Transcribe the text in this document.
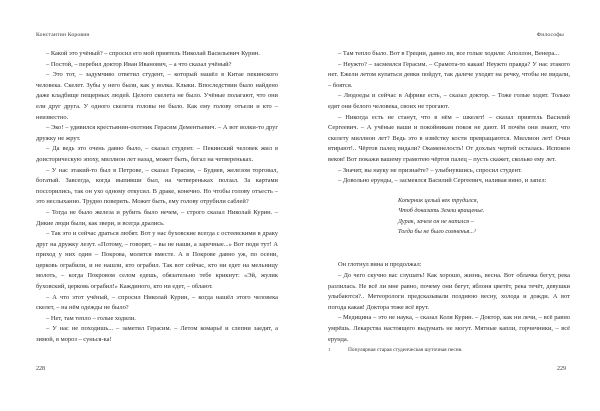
Константин Коровин

– Какой это учёный? – спросил его мой приятель Николай Васильевич Курин.

– Постой, – перебил доктор Иван Иванович, – а что сказал учёный?

– Это тот, – задумчиво ответил студент, – который нашёл в Китае пекинского человека. Скелет. Зубы у него были, как у волка. Клыки. Впоследствии было найдено даже кладбище пещерных людей. Целого скелета не было. Учёные полагают, что они ели друг друга. У одного скелета головы не было. Как ему голову отъели и кто – неизвестно.

– Эко! – удивился крестьянин-охотник Герасим Дементьевич. – А вот волки-то друг дружку не жрут.

– Да ведь это очень давно было, – сказал студент. – Пекинский человек жил в доисторическую эпоху, миллион лет назад, может быть, бегал на четвереньках.

– У нас этакий-то был в Петрове, – сказал Герасим, – Будиев, железом торговал, богатый. Завсегда, когда выпивши был, на четвереньках ползал. За картами поссорились, так он ухо одному откусил. В драке, конечно. Но чтобы голову отъесть – это неслыханно. Трудно поверить. Может быть, ему голову отрубили саблей?

– Тогда не было железа и рубить было нечем, – строго сказал Николай Курин. – Дикие люди были, как звери, и всегда дрались.

– Так это и сейчас драться любят. Вот у нас буховские всегда с остеевскими в драку друг на дружку лезут. «Потому, – говорят, – вы не наши, а заречные...» Вот поди тут! А приход у них один – Покрова, молятся вместе. А в Покрове давно уж, по осени, церковь ограбили, и не нашли, кто ограбил. Так вот сейчас, кто ни едет на мельницу молоть, – когда Покровом селом едешь, обязательно тебе крикнут: «Эй, жулик буховский, церковь ограбил!» Каждиного, кто ни едет, – облают.

– А что этот учёный, – спросил Николай Курин, – когда нашёл этого человека скелет, – на нём одежды не было?

– Нет, там тепло – голые ходили.

– У нас не походишь... – заметил Герасим. – Летом комарьё и слепни заедят, а зимой, в мороз – сунься-ка!

228
Философы

– Там тепло было. Вот в Греции, давно ли, все голые ходили: Аполлон, Венера...

– Неужто? – засмеялся Герасим. – Срамота-то какая! Неужто правда? У нас этакого нет. Ежели летом купаться девки пойдут, так далече уходят на речку, чтобы не видали, – боятся.

– Людоеды и сейчас в Африке есть, – сказал доктор. – Тоже голые ходят. Только едят они белого человека, своих не трогают.

– Никогда есть не станут, что в нём – шкелет! – сказал приятель Василий Сергеевич. – А учёные ваши и покойникам покоя не дают. И почём они знают, что скелету миллион лет? Ведь это в извёстку кости превращаются. Миллион лет! Очки втирают!.. Чёртов палец видали? Окаменелость! От дохлых чертей осталась. Испокон веков! Вот покажи вашему грамотею чёртов палец – пусть скажет, сколько ему лет.

– Значит, вы науку не признаёте? – улыбнувшись, спросил студент.

– Довольно ерунды, – засмеялся Василий Сергеевич, наливая вино, и запел:

Коперник целый век трудился,
Чтоб доказать Земли вращенье.
Дурак, зачем он не напился –
Тогда бы не было сомненья...¹

Он глотнул вина и продолжал:

– До чего скучно вас слушать! Как хорошо, жизнь, весна. Вот облачка бегут, река разлилась. Не всё ли мне равно, почему они бегут, яблоня цветёт, река течёт, девушки улыбаются?.. Метеорологи предсказывали позднюю весну, холода и дожди. А вот погода какая! Доктора тоже всё врут.

– Медицина – это не наука, – сказал Коля Курин. – Доктор, как ни лечи, – всё равно умрёшь. Лекарства настоящего выдумать не могут. Мятные капли, горчичники, – всё ерунда.

1	Популярная старая студенческая шуточная песня.
229
